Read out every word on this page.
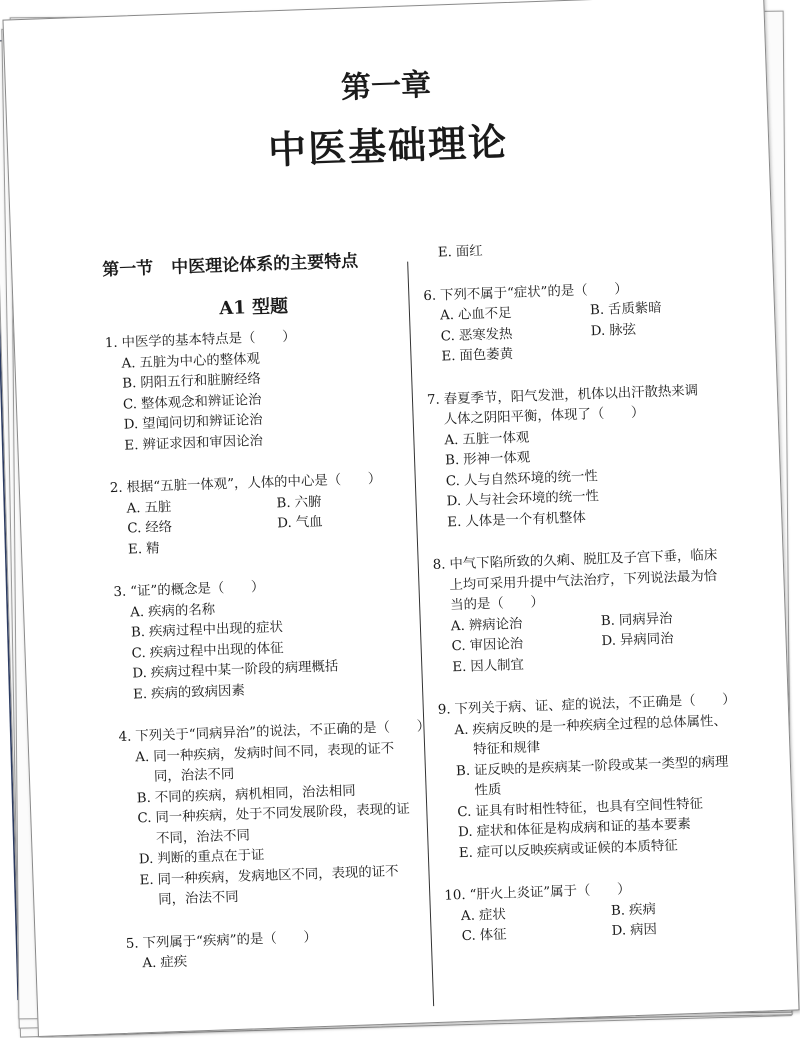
第一章
中医基础理论
第一节 中医理论体系的主要特点
A1 型题
1. 中医学的基本特点是（　　）
A. 五脏为中心的整体观
B. 阴阳五行和脏腑经络
C. 整体观念和辨证论治
D. 望闻问切和辨证论治
E. 辨证求因和审因论治
2. 根据“五脏一体观”，人体的中心是（　　）
A. 五脏	B. 六腑
C. 经络	D. 气血
E. 精
3. “证”的概念是（　　）
A. 疾病的名称
B. 疾病过程中出现的症状
C. 疾病过程中出现的体征
D. 疾病过程中某一阶段的病理概括
E. 疾病的致病因素
4. 下列关于“同病异治”的说法，不正确的是（　　）
A. 同一种疾病，发病时间不同，表现的证不
同，治法不同
B. 不同的疾病，病机相同，治法相同
C. 同一种疾病，处于不同发展阶段，表现的证
不同，治法不同
D. 判断的重点在于证
E. 同一种疾病，发病地区不同，表现的证不
同，治法不同
5. 下列属于“疾病”的是（　　）
A. 症疾
E. 面红
6. 下列不属于“症状”的是（　　）
A. 心血不足	B. 舌质紫暗
C. 恶寒发热	D. 脉弦
E. 面色萎黄
7. 春夏季节，阳气发泄，机体以出汗散热来调
人体之阴阳平衡，体现了（　　）
A. 五脏一体观
B. 形神一体观
C. 人与自然环境的统一性
D. 人与社会环境的统一性
E. 人体是一个有机整体
8. 中气下陷所致的久痢、脱肛及子宫下垂，临床
上均可采用升提中气法治疗，下列说法最为恰
当的是（　　）
A. 辨病论治	B. 同病异治
C. 审因论治	D. 异病同治
E. 因人制宜
9. 下列关于病、证、症的说法，不正确是（　　）
A. 疾病反映的是一种疾病全过程的总体属性、
特征和规律
B. 证反映的是疾病某一阶段或某一类型的病理
性质
C. 证具有时相性特征，也具有空间性特征
D. 症状和体征是构成病和证的基本要素
E. 症可以反映疾病或证候的本质特征
10. “肝火上炎证”属于（　　）
A. 症状	B. 疾病
C. 体征	D. 病因
